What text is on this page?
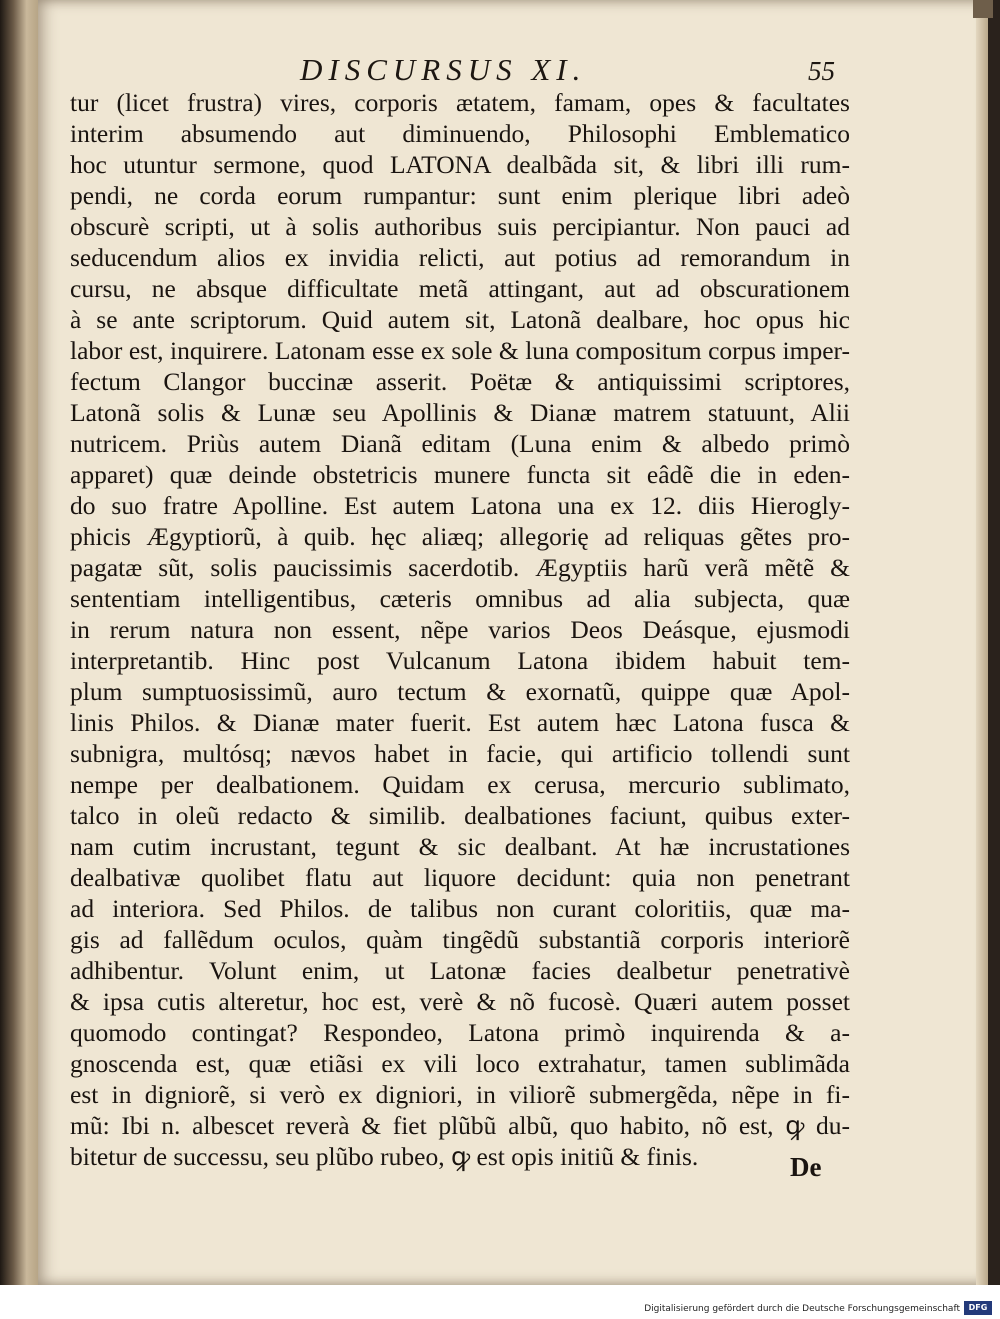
DISCURSUS XI.	55
tur (licet frustra) vires, corporis ætatem, famam, opes & facultates
interim absumendo aut diminuendo, Philosophi Emblematico
hoc utuntur sermone, quod LATONA dealbãda sit, & libri illi rum-
pendi, ne corda eorum rumpantur: sunt enim plerique libri adeò
obscurè scripti, ut à solis authoribus suis percipiantur. Non pauci ad
seducendum alios ex invidia relicti, aut potius ad remorandum in
cursu, ne absque difficultate metã attingant, aut ad obscurationem
à se ante scriptorum. Quid autem sit, Latonã dealbare, hoc opus hic
labor est, inquirere. Latonam esse ex sole & luna compositum corpus imper-
fectum Clangor buccinæ asserit. Poëtæ & antiquissimi scriptores,
Latonã solis & Lunæ seu Apollinis & Dianæ matrem statuunt, Alii
nutricem. Priùs autem Dianã editam (Luna enim & albedo primò
apparet) quæ deinde obstetricis munere functa sit eâdẽ die in eden-
do suo fratre Apolline. Est autem Latona una ex 12. diis Hierogly-
phicis Ægyptiorũ, à quib. hęc aliæq; allegorię ad reliquas gẽtes pro-
pagatæ sũt, solis paucissimis sacerdotib. Ægyptiis harũ verã mẽtẽ &
sententiam intelligentibus, cæteris omnibus ad alia subjecta, quæ
in rerum natura non essent, nẽpe varios Deos Deásque, ejusmodi
interpretantib. Hinc post Vulcanum Latona ibidem habuit tem-
plum sumptuosissimũ, auro tectum & exornatũ, quippe quæ Apol-
linis Philos. & Dianæ mater fuerit. Est autem hæc Latona fusca &
subnigra, multósq; nævos habet in facie, qui artificio tollendi sunt
nempe per dealbationem. Quidam ex cerusa, mercurio sublimato,
talco in oleũ redacto & similib. dealbationes faciunt, quibus exter-
nam cutim incrustant, tegunt & sic dealbant. At hæ incrustationes
dealbativæ quolibet flatu aut liquore decidunt: quia non penetrant
ad interiora. Sed Philos. de talibus non curant coloritiis, quæ ma-
gis ad fallẽdum oculos, quàm tingẽdũ substantiã corporis interiorẽ
adhibentur. Volunt enim, ut Latonæ facies dealbetur penetrativè
& ipsa cutis alteretur, hoc est, verè & nõ fucosè. Quæri autem posset
quomodo contingat? Respondeo, Latona primò inquirenda & a-
gnoscenda est, quæ etiãsi ex vili loco extrahatur, tamen sublimãda
est in digniorẽ, si verò ex digniori, in viliorẽ submergẽda, nẽpe in fi-
mũ: Ibi n. albescet reverà & fiet plũbũ albũ, quo habito, nõ est, ꝙ du-
bitetur de successu, seu plũbo rubeo, ꝙ est opis initiũ & finis.	De
Digitalisierung gefördert durch die Deutsche Forschungsgemeinschaft	DFG
